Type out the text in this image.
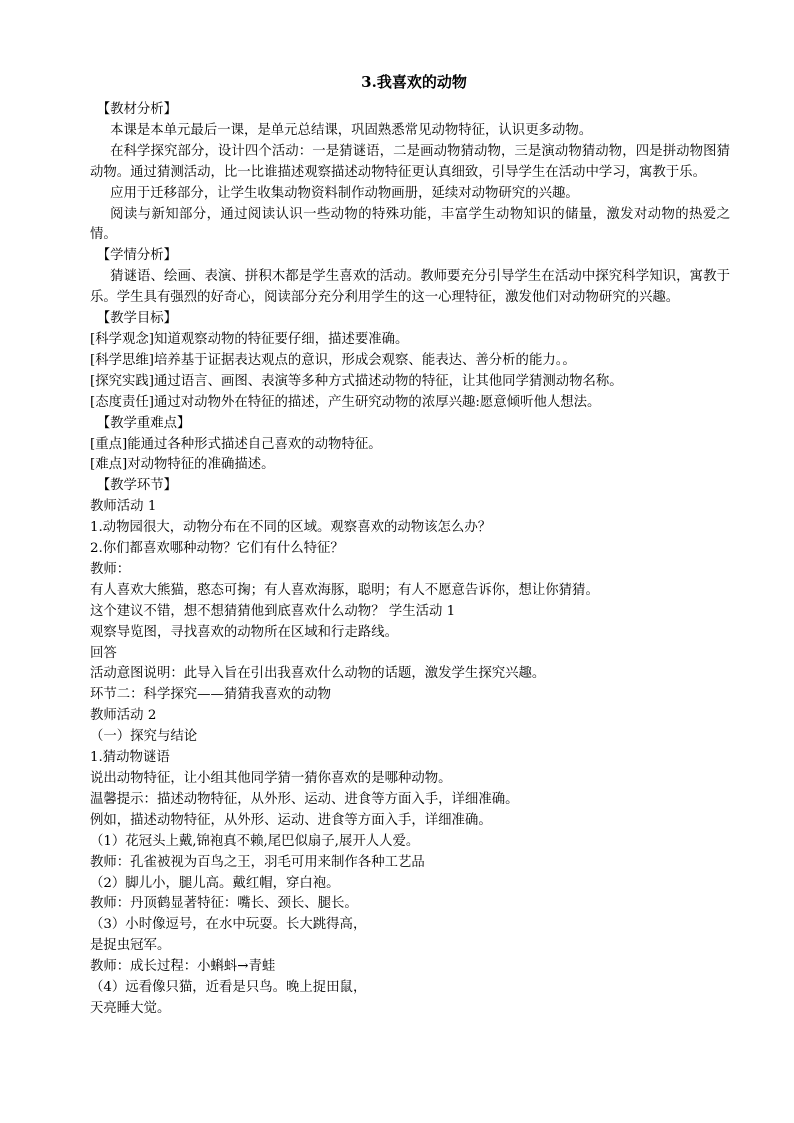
3.我喜欢的动物

【教材分析】

本课是本单元最后一课，是单元总结课，巩固熟悉常见动物特征，认识更多动物。

在科学探究部分，设计四个活动：一是猜谜语，二是画动物猜动物，三是演动物猜动物，四是拼动物图猜动物。通过猜测活动，比一比谁描述观察描述动物特征更认真细致，引导学生在活动中学习，寓教于乐。

应用于迁移部分，让学生收集动物资料制作动物画册，延续对动物研究的兴趣。

阅读与新知部分，通过阅读认识一些动物的特殊功能，丰富学生动物知识的储量，激发对动物的热爱之情。

【学情分析】

猜谜语、绘画、表演、拼积木都是学生喜欢的活动。教师要充分引导学生在活动中探究科学知识，寓教于乐。学生具有强烈的好奇心，阅读部分充分利用学生的这一心理特征，激发他们对动物研究的兴趣。

【教学目标】

[科学观念]知道观察动物的特征要仔细，描述要准确。

[科学思维]培养基于证据表达观点的意识，形成会观察、能表达、善分析的能力。。

[探究实践]通过语言、画图、表演等多种方式描述动物的特征，让其他同学猜测动物名称。

[态度责任]通过对动物外在特征的描述，产生研究动物的浓厚兴趣:愿意倾听他人想法。

【教学重难点】

[重点]能通过各种形式描述自己喜欢的动物特征。

[难点]对动物特征的准确描述。

【教学环节】

教师活动 1

1.动物园很大，动物分布在不同的区域。观察喜欢的动物该怎么办？

2.你们都喜欢哪种动物？它们有什么特征？

教师：

有人喜欢大熊猫，憨态可掬；有人喜欢海豚，聪明；有人不愿意告诉你，想让你猜猜。

这个建议不错，想不想猜猜他到底喜欢什么动物？ 学生活动 1

观察导览图，寻找喜欢的动物所在区域和行走路线。

回答

活动意图说明：此导入旨在引出我喜欢什么动物的话题，激发学生探究兴趣。

环节二：科学探究——猜猜我喜欢的动物

教师活动 2

（一）探究与结论

1.猜动物谜语

说出动物特征，让小组其他同学猜一猜你喜欢的是哪种动物。

温馨提示：描述动物特征，从外形、运动、进食等方面入手，详细准确。

例如，描述动物特征，从外形、运动、进食等方面入手，详细准确。

（1）花冠头上戴,锦袍真不赖,尾巴似扇子,展开人人爱。

教师：孔雀被视为百鸟之王，羽毛可用来制作各种工艺品

（2）脚儿小，腿儿高。戴红帽，穿白袍。

教师：丹顶鹤显著特征：嘴长、颈长、腿长。

（3）小时像逗号，在水中玩耍。长大跳得高，

是捉虫冠军。

教师：成长过程：小蝌蚪→青蛙

（4）远看像只猫，近看是只鸟。晚上捉田鼠，

天亮睡大觉。
